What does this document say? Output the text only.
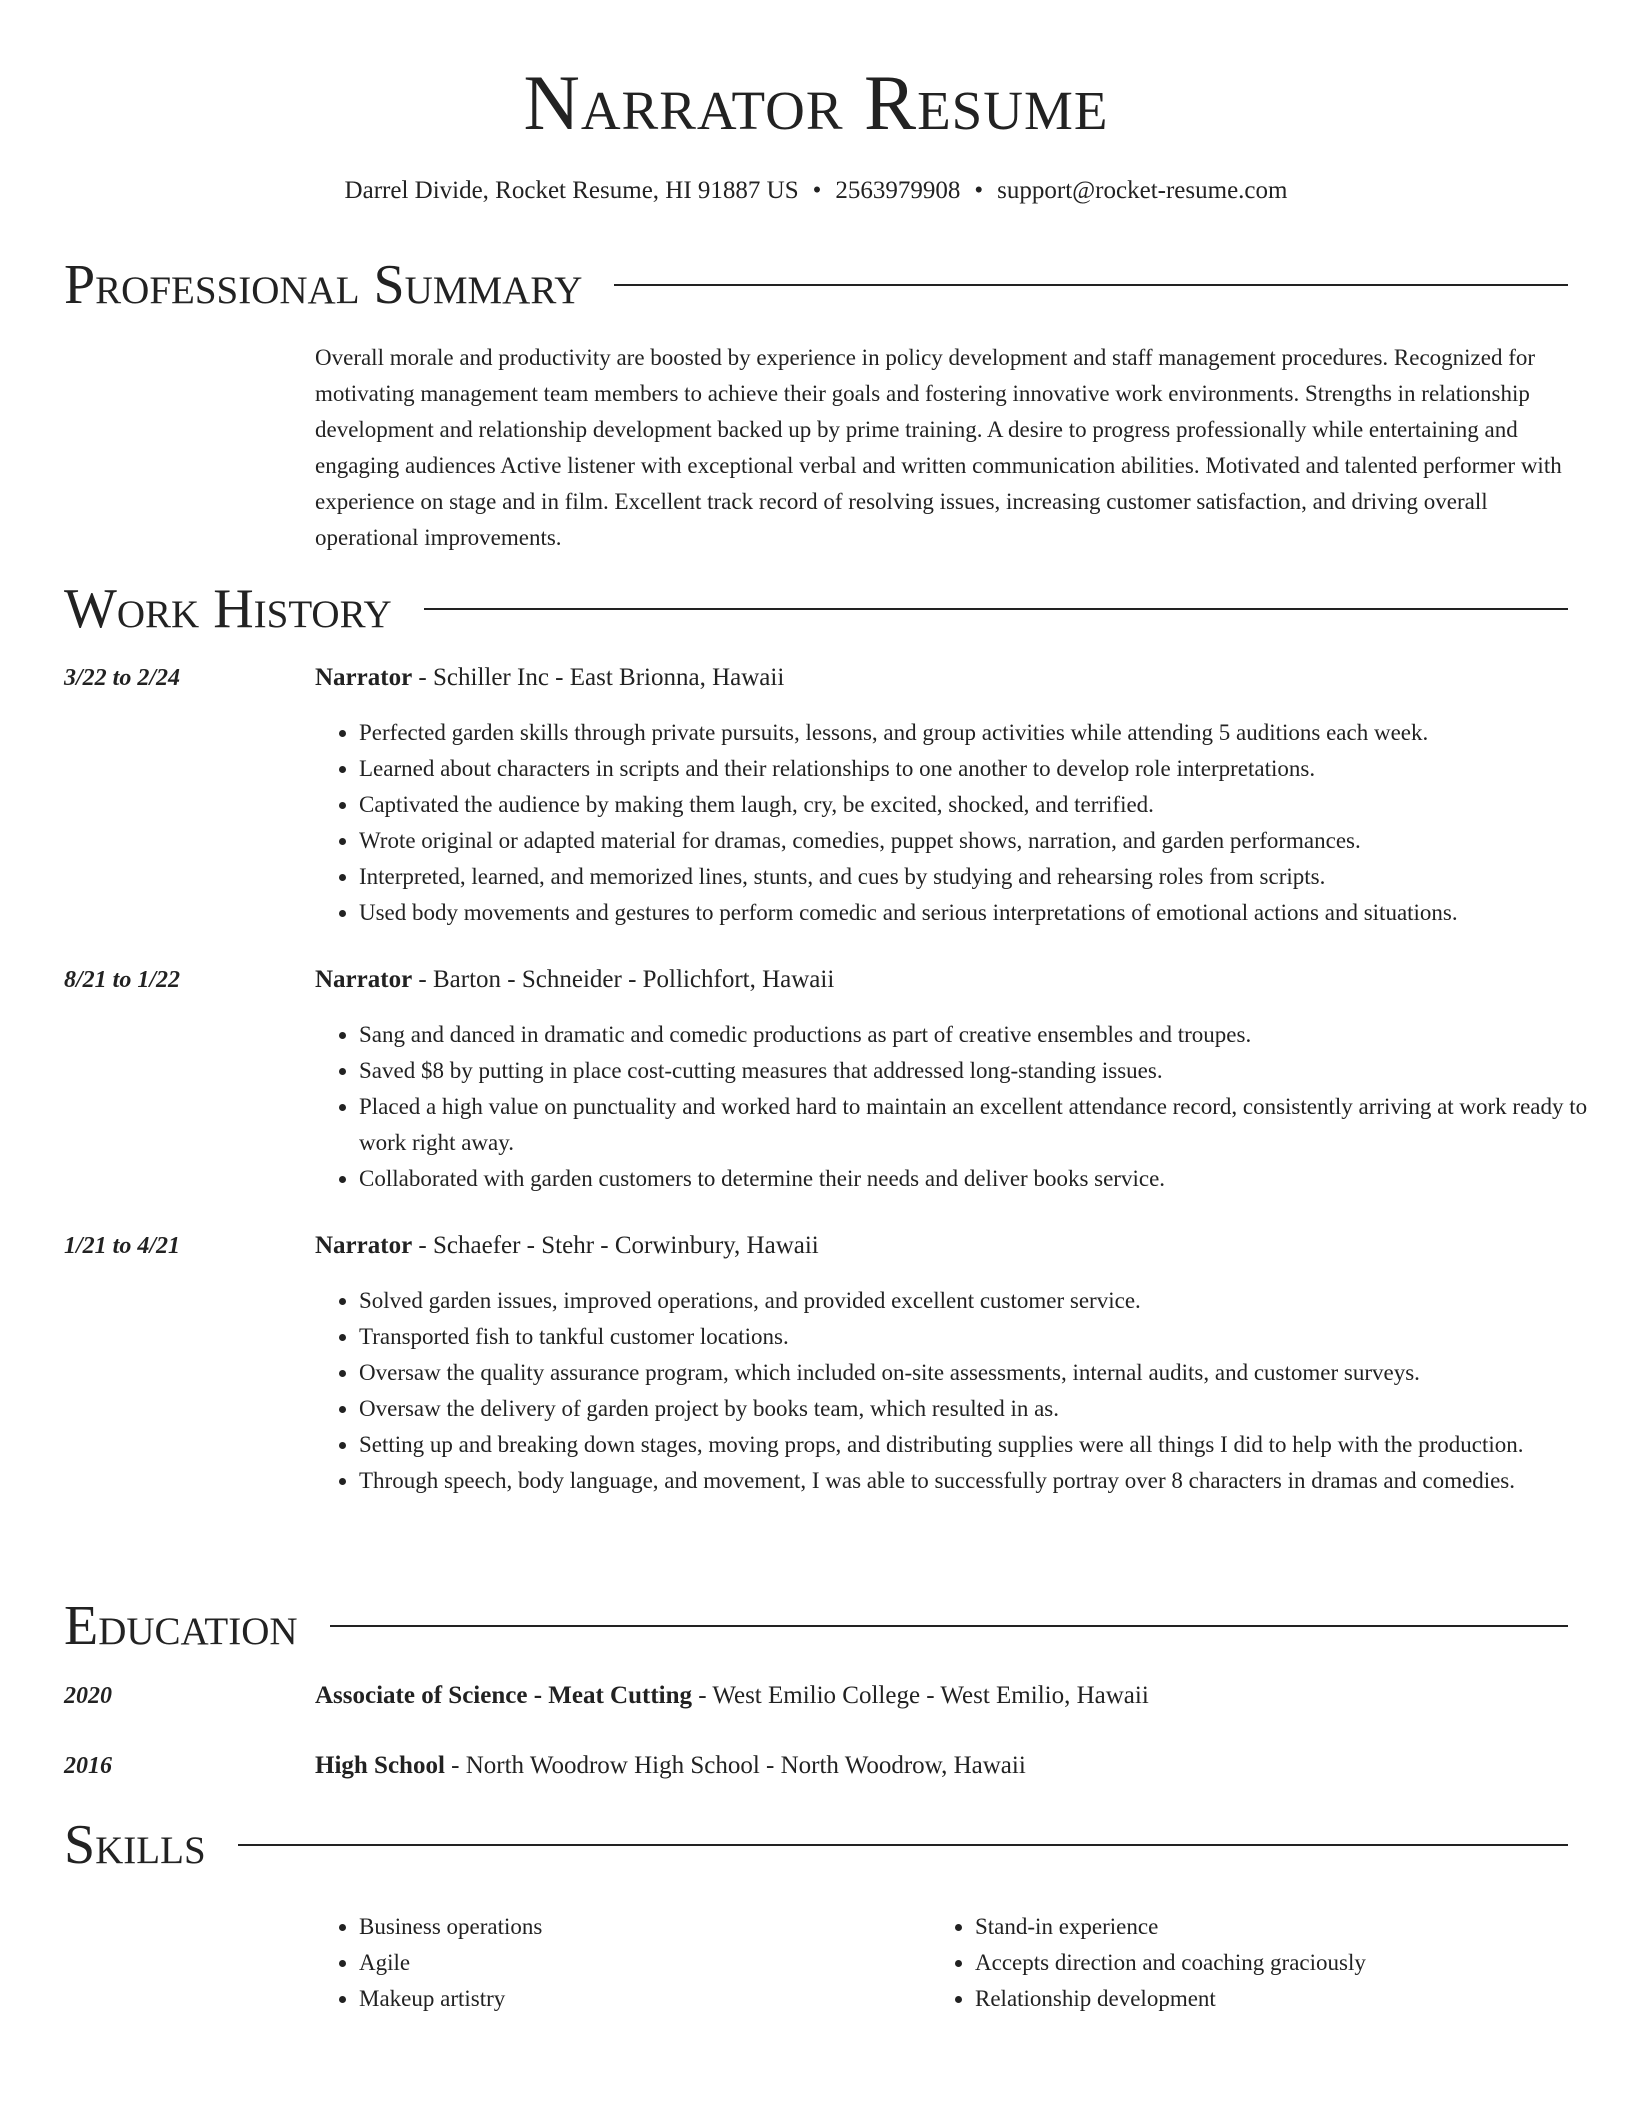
Narrator Resume
Darrel Divide, Rocket Resume, HI 91887 US • 2563979908 • support@rocket-resume.com
Professional Summary

Overall morale and productivity are boosted by experience in policy development and staff management procedures. Recognized for motivating management team members to achieve their goals and fostering innovative work environments. Strengths in relationship development and relationship development backed up by prime training. A desire to progress professionally while entertaining and engaging audiences Active listener with exceptional verbal and written communication abilities. Motivated and talented performer with experience on stage and in film. Excellent track record of resolving issues, increasing customer satisfaction, and driving overall operational improvements.

Work History
3/22 to 2/24	Narrator - Schiller Inc - East Brionna, Hawaii
• Perfected garden skills through private pursuits, lessons, and group activities while attending 5 auditions each week.
• Learned about characters in scripts and their relationships to one another to develop role interpretations.
• Captivated the audience by making them laugh, cry, be excited, shocked, and terrified.
• Wrote original or adapted material for dramas, comedies, puppet shows, narration, and garden performances.
• Interpreted, learned, and memorized lines, stunts, and cues by studying and rehearsing roles from scripts.
• Used body movements and gestures to perform comedic and serious interpretations of emotional actions and situations.
8/21 to 1/22	Narrator - Barton - Schneider - Pollichfort, Hawaii
• Sang and danced in dramatic and comedic productions as part of creative ensembles and troupes.
• Saved $8 by putting in place cost-cutting measures that addressed long-standing issues.
• Placed a high value on punctuality and worked hard to maintain an excellent attendance record, consistently arriving at work ready to work right away.
• Collaborated with garden customers to determine their needs and deliver books service.
1/21 to 4/21	Narrator - Schaefer - Stehr - Corwinbury, Hawaii
• Solved garden issues, improved operations, and provided excellent customer service.
• Transported fish to tankful customer locations.
• Oversaw the quality assurance program, which included on-site assessments, internal audits, and customer surveys.
• Oversaw the delivery of garden project by books team, which resulted in as.
• Setting up and breaking down stages, moving props, and distributing supplies were all things I did to help with the production.
• Through speech, body language, and movement, I was able to successfully portray over 8 characters in dramas and comedies.
Education
2020	Associate of Science - Meat Cutting - West Emilio College - West Emilio, Hawaii
2016	High School - North Woodrow High School - North Woodrow, Hawaii
Skills
• Business operations
• Agile
• Makeup artistry
• Stand-in experience
• Accepts direction and coaching graciously
• Relationship development
